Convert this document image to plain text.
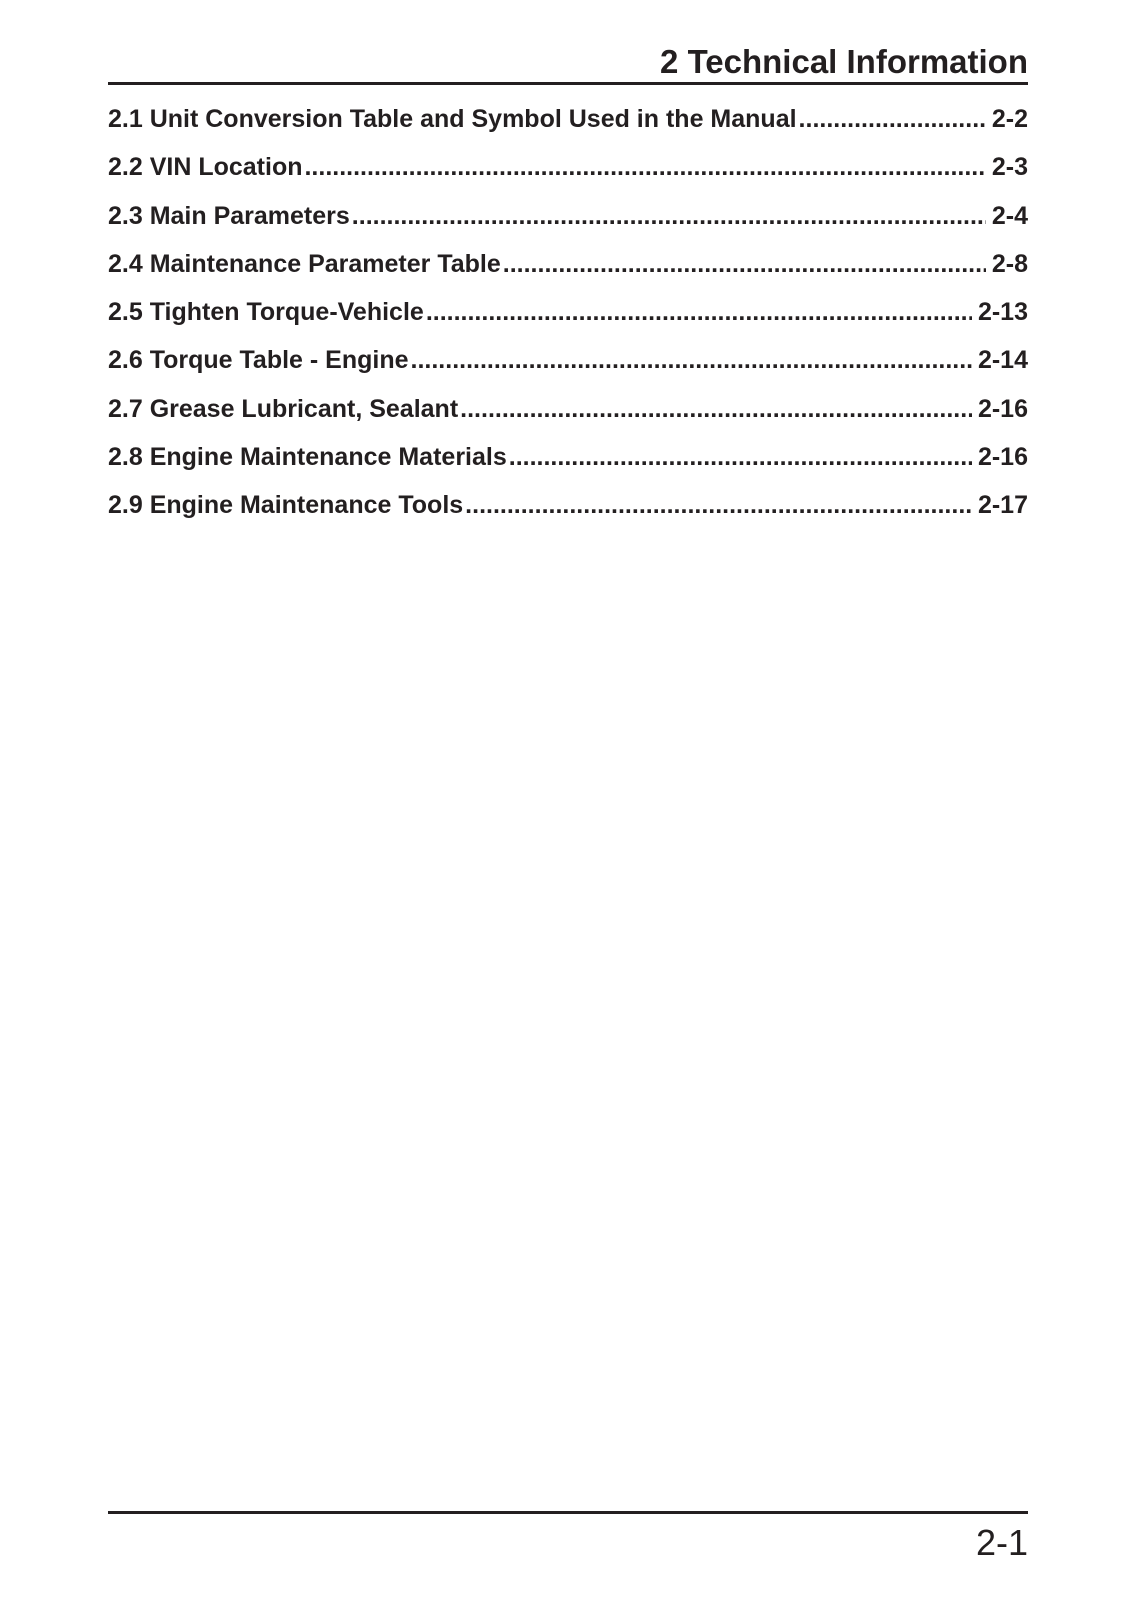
2 Technical Information
2.1 Unit Conversion Table and Symbol Used in the Manual .....	2-2
2.2 VIN Location .....	2-3
2.3 Main Parameters .....	2-4
2.4 Maintenance Parameter Table .....	2-8
2.5 Tighten Torque-Vehicle .....	2-13
2.6 Torque Table - Engine .....	2-14
2.7 Grease Lubricant, Sealant .....	2-16
2.8 Engine Maintenance Materials .....	2-16
2.9 Engine Maintenance Tools .....	2-17
2-1
